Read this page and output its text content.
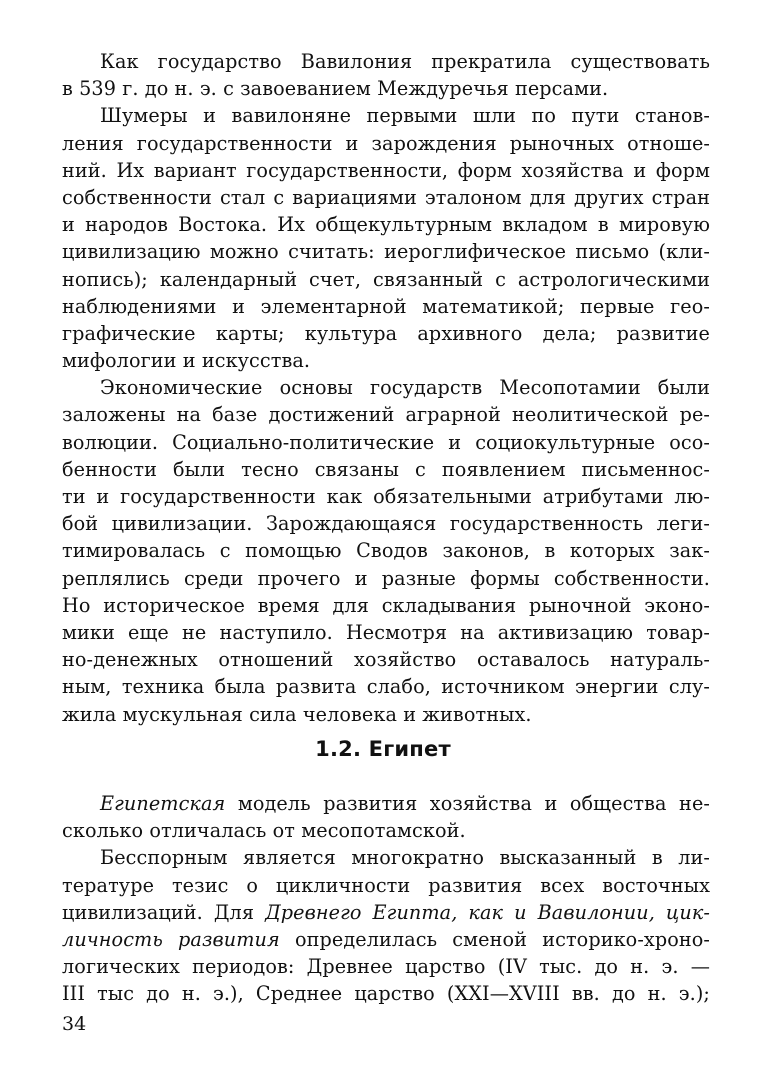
Как государство Вавилония прекратила существовать
в 539 г. до н. э. с завоеванием Междуречья персами.
Шумеры и вавилоняне первыми шли по пути станов-
ления государственности и зарождения рыночных отноше-
ний. Их вариант государственности, форм хозяйства и форм
собственности стал с вариациями эталоном для других стран
и народов Востока. Их общекультурным вкладом в мировую
цивилизацию можно считать: иероглифическое письмо (кли-
нопись); календарный счет, связанный с астрологическими
наблюдениями и элементарной математикой; первые гео-
графические карты; культура архивного дела; развитие
мифологии и искусства.
Экономические основы государств Месопотамии были
заложены на базе достижений аграрной неолитической ре-
волюции. Социально-политические и социокультурные осо-
бенности были тесно связаны с появлением письменнос-
ти и государственности как обязательными атрибутами лю-
бой цивилизации. Зарождающаяся государственность леги-
тимировалась с помощью Сводов законов, в которых зак-
реплялись среди прочего и разные формы собственности.
Но историческое время для складывания рыночной эконо-
мики еще не наступило. Несмотря на активизацию товар-
но-денежных отношений хозяйство оставалось натураль-
ным, техника была развита слабо, источником энергии слу-
жила мускульная сила человека и животных.
1.2. Египет
Египетская модель развития хозяйства и общества не-
сколько отличалась от месопотамской.
Бесспорным является многократно высказанный в ли-
тературе тезис о цикличности развития всех восточных
цивилизаций. Для Древнего Египта, как и Вавилонии, цик-
личность развития определилась сменой историко-хроно-
логических периодов: Древнее царство (IV тыс. до н. э. —
III тыс до н. э.), Среднее царство (XXI—XVIII вв. до н. э.);
34
